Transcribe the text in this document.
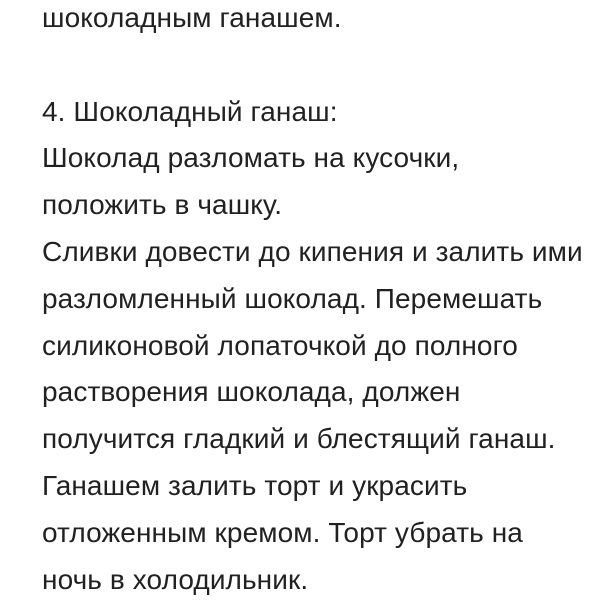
шоколадным ганашем.
4. Шоколадный ганаш:
Шоколад разломать на кусочки,
положить в чашку.
Сливки довести до кипения и залить ими
разломленный шоколад. Перемешать
силиконовой лопаточкой до полного
растворения шоколада, должен
получится гладкий и блестящий ганаш.
Ганашем залить торт и украсить
отложенным кремом. Торт убрать на
ночь в холодильник.
